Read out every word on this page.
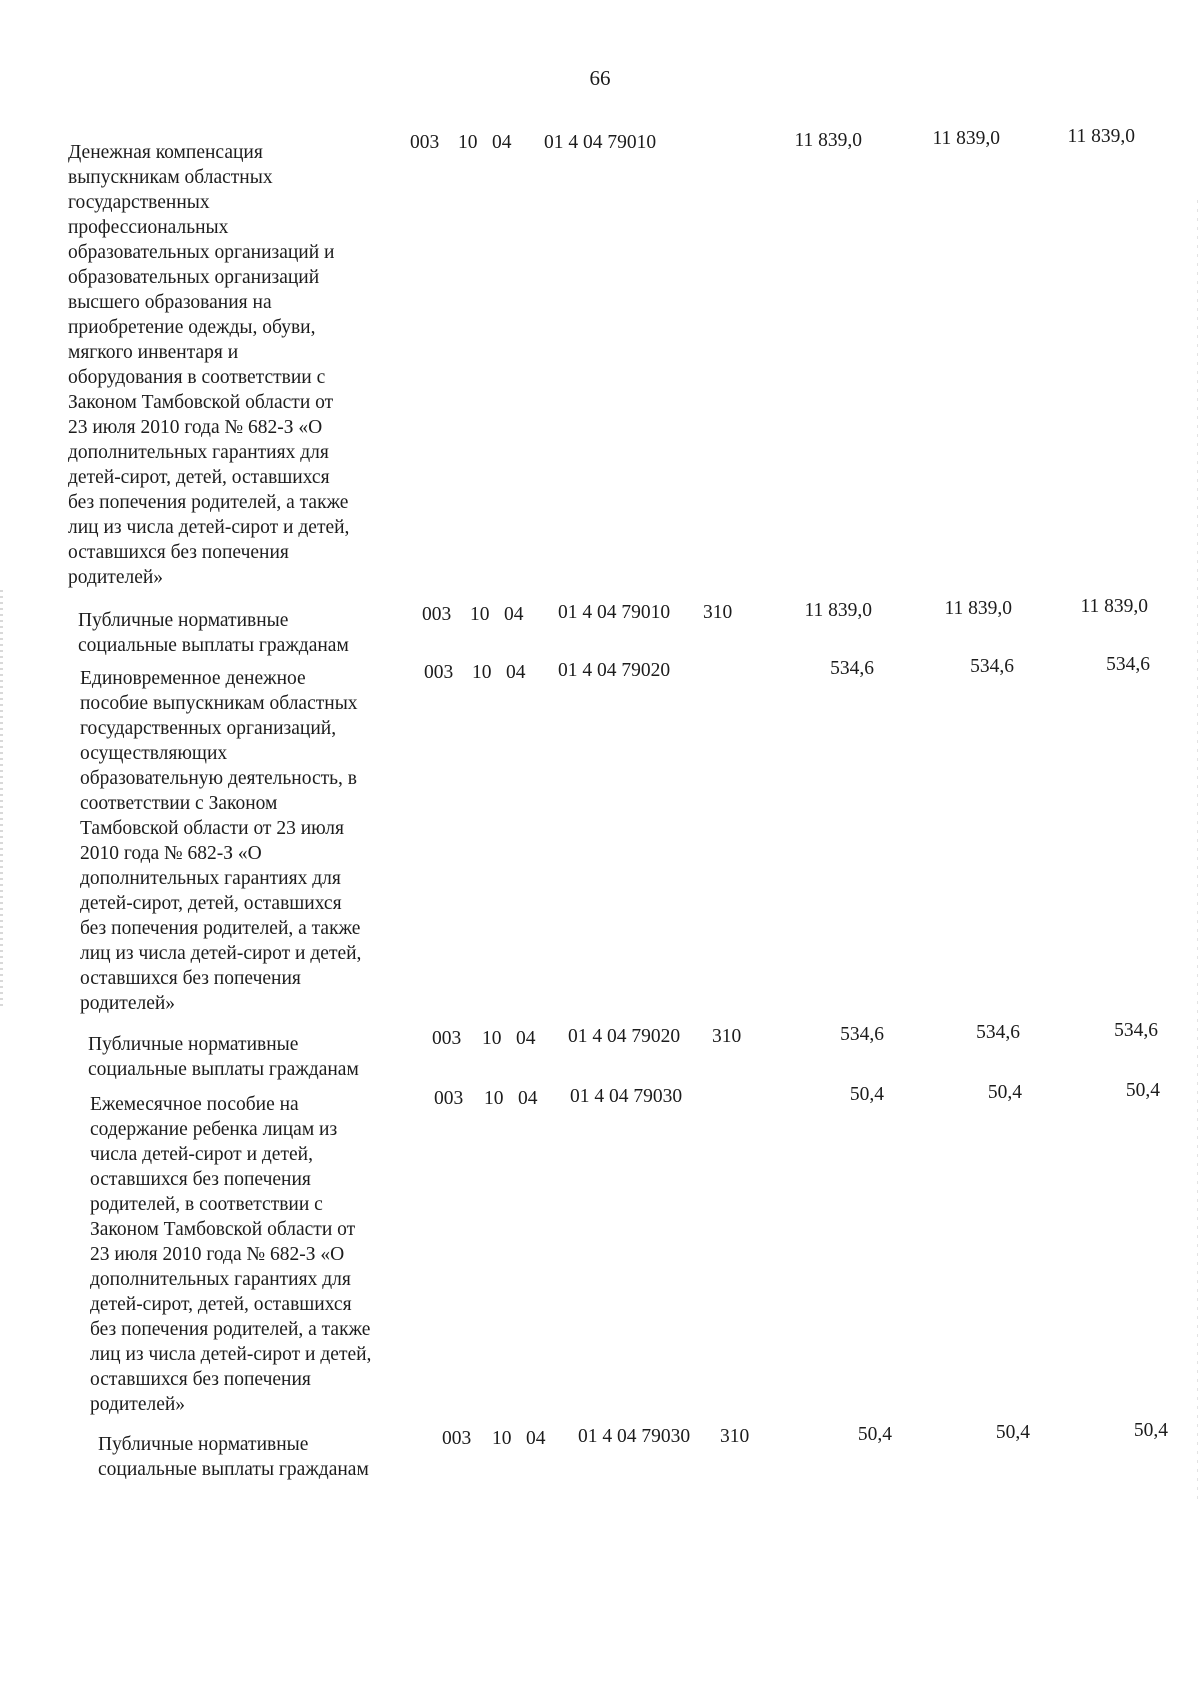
66
Денежная компенсация
выпускникам областных
государственных
профессиональных
образовательных организаций и
образовательных организаций
высшего образования на
приобретение одежды, обуви,
мягкого инвентаря и
оборудования в соответствии с
Законом Тамбовской области от
23 июля 2010 года № 682-З «О
дополнительных гарантиях для
детей-сирот, детей, оставшихся
без попечения родителей, а также
лиц из числа детей-сирот и детей,
оставшихся без попечения
родителей»
003 10 04 01 4 04 79010	11 839,0	11 839,0	11 839,0
Публичные нормативные
социальные выплаты гражданам
003 10 04 01 4 04 79010 310	11 839,0	11 839,0	11 839,0
Единовременное денежное
пособие выпускникам областных
государственных организаций,
осуществляющих
образовательную деятельность, в
соответствии с Законом
Тамбовской области от 23 июля
2010 года № 682-З «О
дополнительных гарантиях для
детей-сирот, детей, оставшихся
без попечения родителей, а также
лиц из числа детей-сирот и детей,
оставшихся без попечения
родителей»
003 10 04 01 4 04 79020	534,6	534,6	534,6
Публичные нормативные
социальные выплаты гражданам
003 10 04 01 4 04 79020 310	534,6	534,6	534,6
Ежемесячное пособие на
содержание ребенка лицам из
числа детей-сирот и детей,
оставшихся без попечения
родителей, в соответствии с
Законом Тамбовской области от
23 июля 2010 года № 682-З «О
дополнительных гарантиях для
детей-сирот, детей, оставшихся
без попечения родителей, а также
лиц из числа детей-сирот и детей,
оставшихся без попечения
родителей»
003 10 04 01 4 04 79030	50,4	50,4	50,4
Публичные нормативные
социальные выплаты гражданам
003 10 04 01 4 04 79030 310	50,4	50,4	50,4
